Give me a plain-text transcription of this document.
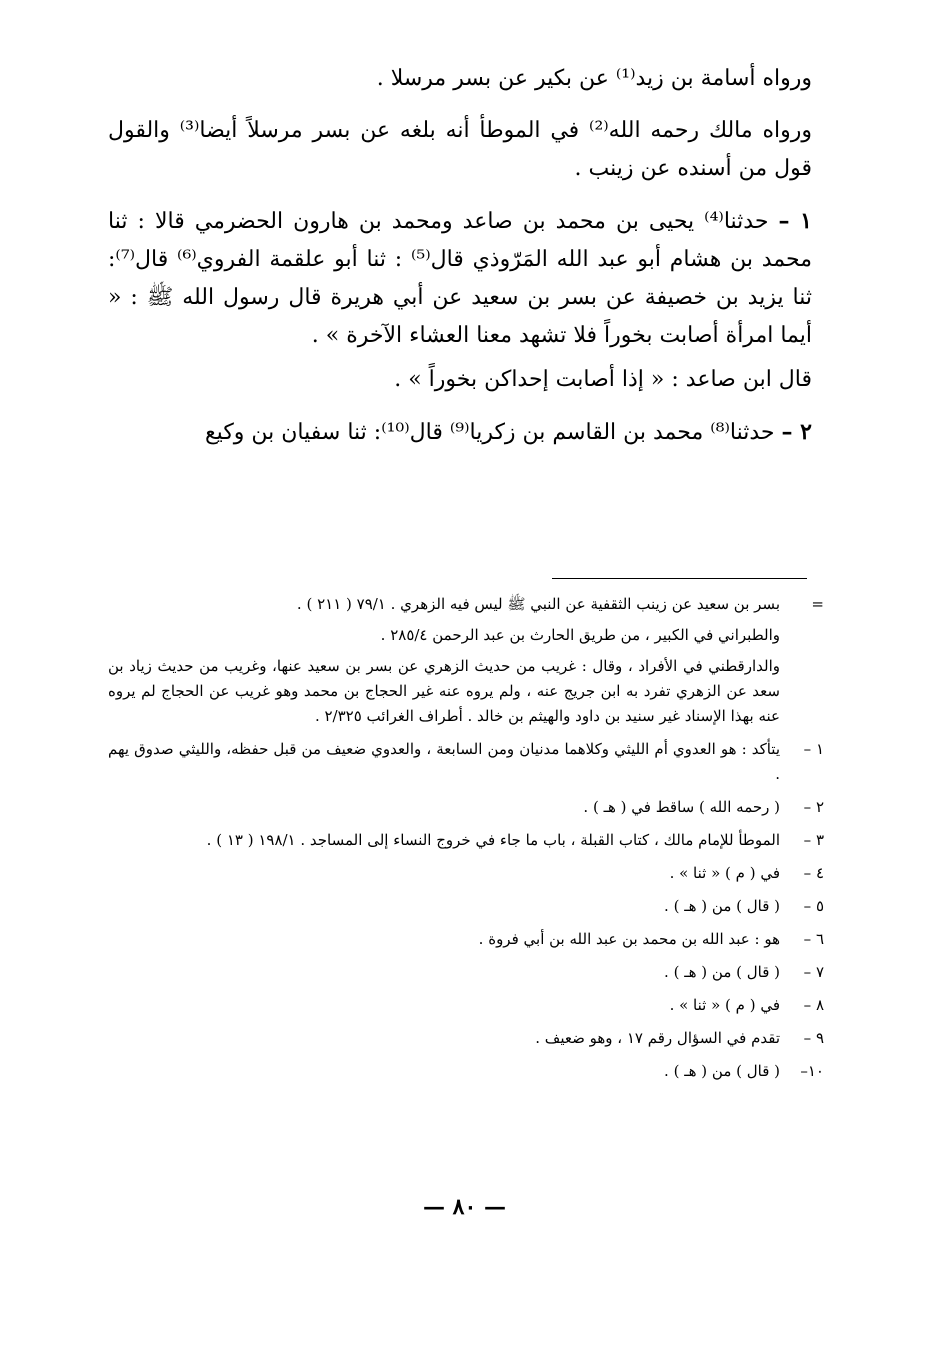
ورواه أسامة بن زيد⁽¹⁾ عن بكير عن بسر مرسلا .

ورواه مالك رحمه الله⁽²⁾ في الموطأ أنه بلغه عن بسر مرسلاً أيضا⁽³⁾ والقول قول من أسنده عن زينب .

١ – حدثنا⁽⁴⁾ يحيى بن محمد بن صاعد ومحمد بن هارون الحضرمي قالا : ثنا محمد بن هشام أبو عبد الله المَرّوذي قال⁽⁵⁾ : ثنا أبو علقمة الفروي⁽⁶⁾ قال⁽⁷⁾: ثنا يزيد بن خصيفة عن بسر بن سعيد عن أبي هريرة قال رسول الله ﷺ : « أيما امرأة أصابت بخوراً فلا تشهد معنا العشاء الآخرة » .

قال ابن صاعد : « إذا أصابت إحداكن بخوراً » .

٢ – حدثنا⁽⁸⁾ محمد بن القاسم بن زكريا⁽⁹⁾ قال⁽¹⁰⁾: ثنا سفيان بن وكيع

=
بسر بن سعيد عن زينب الثقفية عن النبي ﷺ ليس فيه الزهري . ٧٩/١ ( ٢١١ ) .
والطبراني في الكبير ، من طريق الحارث بن عبد الرحمن ٢٨٥/٤ .
والدارقطني في الأفراد ، وقال : غريب من حديث الزهري عن بسر بن سعيد عنها، وغريب من حديث زياد بن سعد عن الزهري تفرد به ابن جريج عنه ، ولم يروه عنه غير الحجاج بن محمد وهو غريب عن الحجاج لم يروه عنه بهذا الإسناد غير سنيد بن داود والهيثم بن خالد . أطراف الغرائب ٢/٣٢٥ .
١ –
يتأكد : هو العدوي أم الليثي وكلاهما مدنيان ومن السابعة ، والعدوي ضعيف من قبل حفظه، والليثي صدوق يهم .
٢ –
( رحمه الله ) ساقط في ( هـ ) .
٣ –
الموطأ للإمام مالك ، كتاب القبلة ، باب ما جاء في خروج النساء إلى المساجد . ١٩٨/١ ( ١٣ ) .
٤ –
في ( م ) « ثنا » .
٥ –
( قال ) من ( هـ ) .
٦ –
هو : عبد الله بن محمد بن عبد الله بن أبي فروة .
٧ –
( قال ) من ( هـ ) .
٨ –
في ( م ) « ثنا » .
٩ –
تقدم في السؤال رقم ١٧ ، وهو ضعيف .
١٠–
( قال ) من ( هـ ) .
— ٨٠ —
